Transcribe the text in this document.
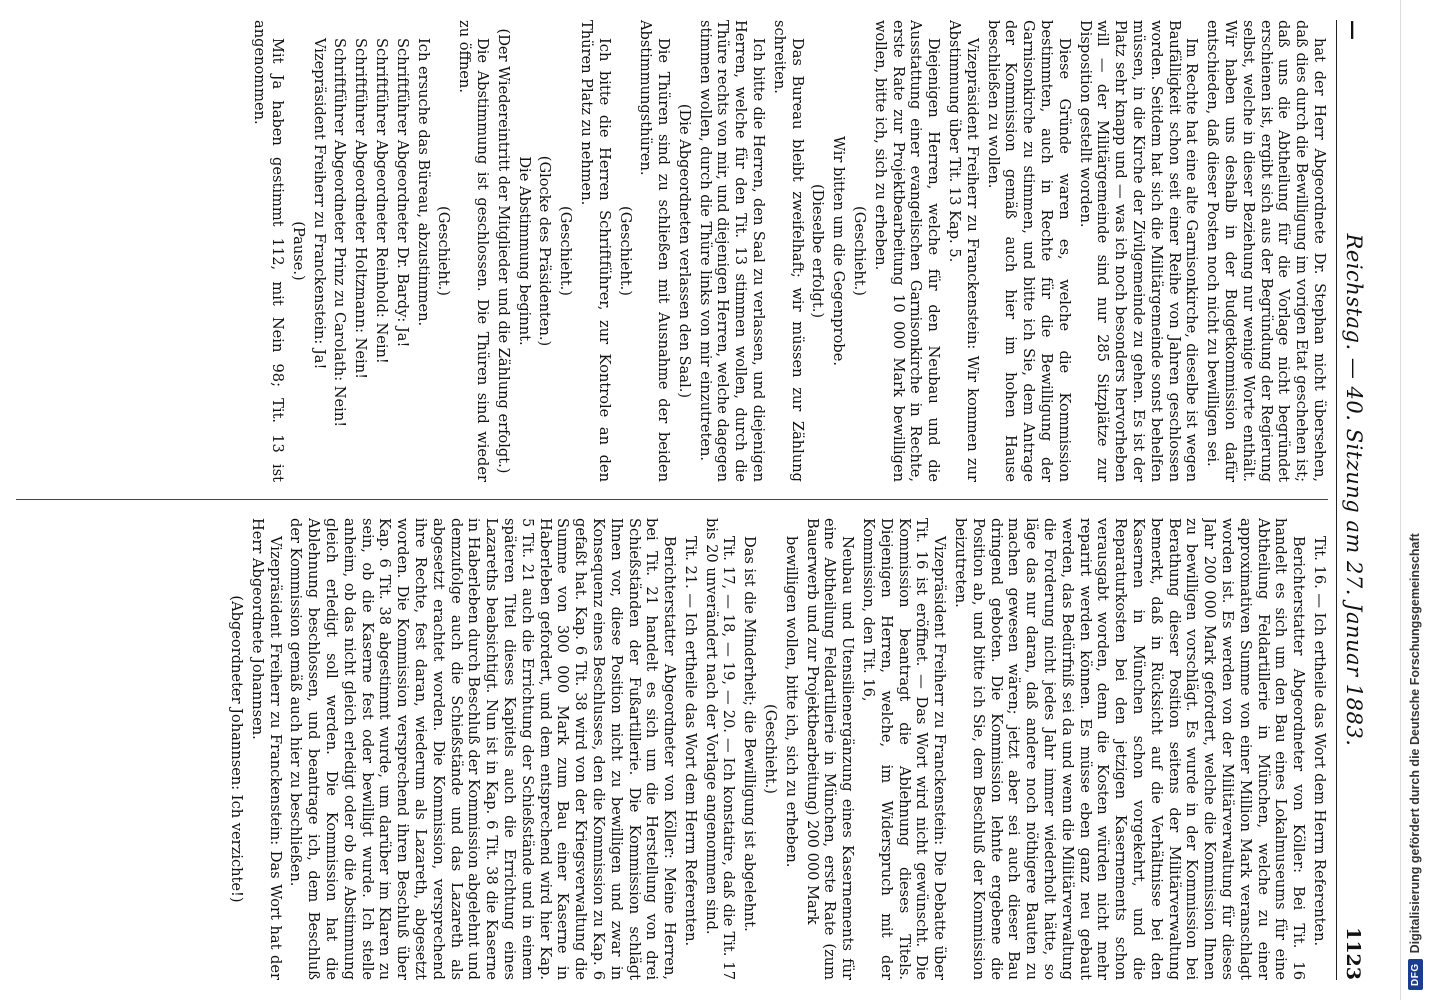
—
Reichstag. — 40. Sitzung am 27. Januar 1883.
1123

hat der Herr Abgeordnete Dr. Stephan nicht übersehen, daß dies durch die Bewilligung im vorigen Etat geschehen ist; daß uns die Abtheilung für die Vorlage nicht begründet erschienen ist, ergibt sich aus der Begründung der Regierung selbst, welche in dieser Beziehung nur wenige Worte enthält. Wir haben uns deshalb in der Budgetkommission dafür entschieden, daß dieser Posten noch nicht zu bewilligen sei.

Im Rechte hat eine alte Garnisonkirche, dieselbe ist wegen Baufälligkeit schon seit einer Reihe von Jahren geschlossen worden. Seitdem hat sich die Militärgemeinde sonst behelfen müssen, in die Kirche der Zivilgemeinde zu gehen. Es ist der Platz sehr knapp und — was ich noch besonders hervorheben will — der Militärgemeinde sind nur 285 Sitzplätze zur Disposition gestellt worden.

Diese Gründe waren es, welche die Kommission bestimmten, auch in Rechte für die Bewilligung der Garnisonkirche zu stimmen, und bitte ich Sie, dem Antrage der Kommission gemäß auch hier im hohen Hause beschließen zu wollen.

Vizepräsident Freiherr zu Franckenstein: Wir kommen zur Abstimmung über Tit. 13 Kap. 5.

Diejenigen Herren, welche für den Neubau und die Ausstattung einer evangelischen Garnisonkirche in Rechte, erste Rate zur Projektbearbeitung 10 000 Mark bewilligen wollen, bitte ich, sich zu erheben.

(Geschieht.)

Wir bitten um die Gegenprobe.

(Dieselbe erfolgt.)

Das Bureau bleibt zweifelhaft; wir müssen zur Zählung schreiten.

Ich bitte die Herren, den Saal zu verlassen, und diejenigen Herren, welche für den Tit. 13 stimmen wollen, durch die Thüre rechts von mir, und diejenigen Herren, welche dagegen stimmen wollen, durch die Thüre links von mir einzutreten.

(Die Abgeordneten verlassen den Saal.)

Die Thüren sind zu schließen mit Ausnahme der beiden Abstimmungsthüren.

(Geschieht.)

Ich bitte die Herren Schriftführer, zur Kontrole an den Thüren Platz zu nehmen.

(Geschieht.)

(Glocke des Präsidenten.)

Die Abstimmung beginnt.

(Der Wiedereintritt der Mitglieder und die Zählung erfolgt.)

Die Abstimmung ist geschlossen. Die Thüren sind wieder zu öffnen.

(Geschieht.)

Ich ersuche das Büreau, abzustimmen.

Schriftführer Abgeordneter Dr. Bardy: Ja!

Schriftführer Abgeordneter Reinhold: Nein!

Schriftführer Abgeordneter Holtzmann: Nein!

Schriftführer Abgeordneter Prinz zu Carolath: Nein!

Vizepräsident Freiherr zu Franckenstein: Ja!

(Pause.)

Mit Ja haben gestimmt 112, mit Nein 98; Tit. 13 ist angenommen.

Tit. 16. — Ich ertheile das Wort dem Herrn Referenten.

Berichterstatter Abgeordneter von Köller: Bei Tit. 16 handelt es sich um den Bau eines Lokalmuseums für eine Abtheilung Feldartillerie in München, welche zu einer approximativen Summe von einer Million Mark veranschlagt worden ist. Es werden von der Militärverwaltung für dieses Jahr 200 000 Mark gefordert, welche die Kommission Ihnen zu bewilligen vorschlägt. Es wurde in der Kommission bei Berathung dieser Position seitens der Militärverwaltung bemerkt, daß in Rücksicht auf die Verhältnisse bei den Kasernen in München schon vorgekehrt, und die Reparaturkosten bei den jetzigen Kasernements schon verausgabt worden, denn die Kosten würden nicht mehr reparirt werden können. Es müsse eben ganz neu gebaut werden, das Bedürfniß sei da und wenn die Militärverwaltung die Forderung nicht jedes Jahr immer wiederholt hätte, so läge das nur daran, daß andere noch nöthigere Bauten zu machen gewesen wären; jetzt aber sei auch dieser Bau dringend geboten. Die Kommission lehnte ergebene die Position ab, und bitte ich Sie, dem Beschluß der Kommission beizutreten.

Vizepräsident Freiherr zu Franckenstein: Die Debatte über Tit. 16 ist eröffnet. — Das Wort wird nicht gewünscht. Die Kommission beantragt die Ablehnung dieses Titels. Diejenigen Herren, welche, im Widerspruch mit der Kommission, den Tit. 16,

Neubau und Utensilienergänzung eines Kasernements für eine Abtheilung Feldartillerie in München, erste Rate (zum Bauerwerb und zur Projektbearbeitung) 200 000 Mark

bewilligen wollen, bitte ich, sich zu erheben.

(Geschieht.)

Das ist die Minderheit; die Bewilligung ist abgelehnt.

Tit. 17, — 18, — 19, — 20. — Ich konstatire, daß die Tit. 17 bis 20 unverändert nach der Vorlage angenommen sind.

Tit. 21. — Ich ertheile das Wort dem Herrn Referenten.

Berichterstatter Abgeordneter von Köller: Meine Herren, bei Tit. 21 handelt es sich um die Herstellung von drei Schießständen der Fußartillerie. Die Kommission schlägt Ihnen vor, diese Position nicht zu bewilligen und zwar in Konsequenz eines Beschlusses, den die Kommission zu Kap. 6 gefaßt hat. Kap. 6 Tit. 38 wird von der Kriegsverwaltung die Summe von 300 000 Mark zum Bau einer Kaserne in Haberleben gefordert, und dem entsprechend wird hier Kap. 5 Tit. 21 auch die Errichtung der Schießstände und in einem späteren Titel dieses Kapitels auch die Errichtung eines Lazareths beabsichtigt. Nun ist in Kap. 6 Tit. 38 die Kaserne in Haberleben durch Beschluß der Kommission abgelehnt und demzufolge auch die Schießstände und das Lazareth als abgesetzt erachtet worden. Die Kommission, versprechend ihre Rechte, fest daran, wiederum als Lazareth, abgesetzt worden. Die Kommission versprechend ihren Beschluß über Kap. 6 Tit. 38 abgestimmt wurde, um darüber im Klaren zu sein, ob die Kaserne fest oder bewilligt wurde. Ich stelle anheim, ob das nicht gleich erledigt oder ob die Abstimmung gleich erledigt soll werden. Die Kommission hat die Ablehnung beschlossen, und beantrage ich, dem Beschluß der Kommission gemäß auch hier zu beschließen.

Vizepräsident Freiherr zu Franckenstein: Das Wort hat der Herr Abgeordnete Johannsen.

(Abgeordneter Johannsen: Ich verzichte!)

DFG
Digitalisierung gefördert durch die Deutsche Forschungsgemeinschaft
